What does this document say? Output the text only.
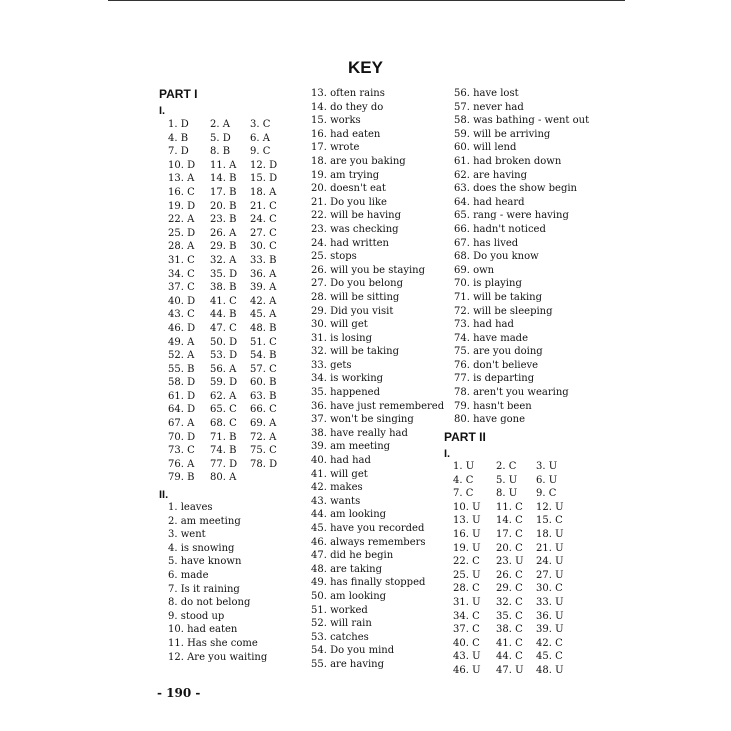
KEY
PART I
I.
1. D	2. A	3. C
4. B	5. D	6. A
7. D	8. B	9. C
10. D	11. A	12. D
13. A	14. B	15. D
16. C	17. B	18. A
19. D	20. B	21. C
22. A	23. B	24. C
25. D	26. A	27. C
28. A	29. B	30. C
31. C	32. A	33. B
34. C	35. D	36. A
37. C	38. B	39. A
40. D	41. C	42. A
43. C	44. B	45. A
46. D	47. C	48. B
49. A	50. D	51. C
52. A	53. D	54. B
55. B	56. A	57. C
58. D	59. D	60. B
61. D	62. A	63. B
64. D	65. C	66. C
67. A	68. C	69. A
70. D	71. B	72. A
73. C	74. B	75. C
76. A	77. D	78. D
79. B	80. A
II.
1. leaves
2. am meeting
3. went
4. is snowing
5. have known
6. made
7. Is it raining
8. do not belong
9. stood up
10. had eaten
11. Has she come
12. Are you waiting
- 190 -
13. often rains
14. do they do
15. works
16. had eaten
17. wrote
18. are you baking
19. am trying
20. doesn't eat
21. Do you like
22. will be having
23. was checking
24. had written
25. stops
26. will you be staying
27. Do you belong
28. will be sitting
29. Did you visit
30. will get
31. is losing
32. will be taking
33. gets
34. is working
35. happened
36. have just remembered
37. won't be singing
38. have really had
39. am meeting
40. had had
41. will get
42. makes
43. wants
44. am looking
45. have you recorded
46. always remembers
47. did he begin
48. are taking
49. has finally stopped
50. am looking
51. worked
52. will rain
53. catches
54. Do you mind
55. are having
56. have lost
57. never had
58. was bathing - went out
59. will be arriving
60. will lend
61. had broken down
62. are having
63. does the show begin
64. had heard
65. rang - were having
66. hadn't noticed
67. has lived
68. Do you know
69. own
70. is playing
71. will be taking
72. will be sleeping
73. had had
74. have made
75. are you doing
76. don't believe
77. is departing
78. aren't you wearing
79. hasn't been
80. have gone
PART II
I.
1. U	2. C	3. U
4. C	5. U	6. U
7. C	8. U	9. C
10. U	11. C	12. U
13. U	14. C	15. C
16. U	17. C	18. U
19. U	20. C	21. U
22. C	23. U	24. U
25. U	26. C	27. U
28. C	29. C	30. C
31. U	32. C	33. U
34. C	35. C	36. U
37. C	38. C	39. U
40. C	41. C	42. C
43. U	44. C	45. C
46. U	47. U	48. U
